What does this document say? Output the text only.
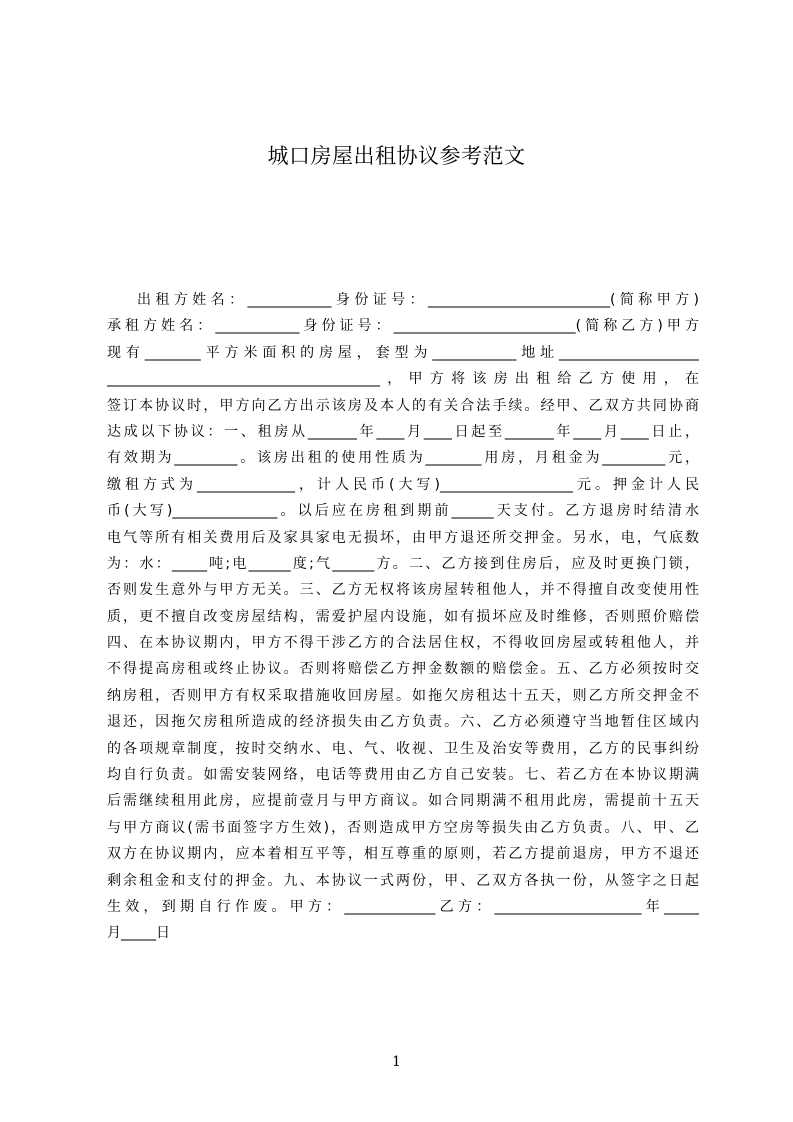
城口房屋出租协议参考范文
出租方姓名：____________身份证号：__________________________(简称甲方)
承租方姓名：____________身份证号：__________________________(简称乙方)甲方
现有________平方米面积的房屋，套型为____________地址____________________
_______________________________________，甲方将该房出租给乙方使用，在
签订本协议时，甲方向乙方出示该房及本人的有关合法手续。经甲、乙双方共同协商
达成以下协议：一、租房从_______年____月____日起至_______年____月____日止，
有效期为_________。该房出租的使用性质为________用房，月租金为_________元，
缴租方式为______________，计人民币(大写)___________________元。押金计人民
币(大写)_______________。以后应在房租到期前______天支付。乙方退房时结清水
电气等所有相关费用后及家具家电无损坏，由甲方退还所交押金。另水，电，气底数
为：水：_____吨;电______度;气______方。二、乙方接到住房后，应及时更换门锁，
否则发生意外与甲方无关。三、乙方无权将该房屋转租他人，并不得擅自改变使用性
质，更不擅自改变房屋结构，需爱护屋内设施，如有损坏应及时维修，否则照价赔偿
四、在本协议期内，甲方不得干涉乙方的合法居住权，不得收回房屋或转租他人，并
不得提高房租或终止协议。否则将赔偿乙方押金数额的赔偿金。五、乙方必须按时交
纳房租，否则甲方有权采取措施收回房屋。如拖欠房租达十五天，则乙方所交押金不
退还，因拖欠房租所造成的经济损失由乙方负责。六、乙方必须遵守当地暂住区域内
的各项规章制度，按时交纳水、电、气、收视、卫生及治安等费用，乙方的民事纠纷
均自行负责。如需安装网络，电话等费用由乙方自己安装。七、若乙方在本协议期满
后需继续租用此房，应提前壹月与甲方商议。如合同期满不租用此房，需提前十五天
与甲方商议(需书面签字方生效)，否则造成甲方空房等损失由乙方负责。八、甲、乙
双方在协议期内，应本着相互平等，相互尊重的原则，若乙方提前退房，甲方不退还
剩余租金和支付的押金。九、本协议一式两份，甲、乙双方各执一份，从签字之日起
生效，到期自行作废。甲方：_____________乙方：_____________________年_____
月_____日
1
